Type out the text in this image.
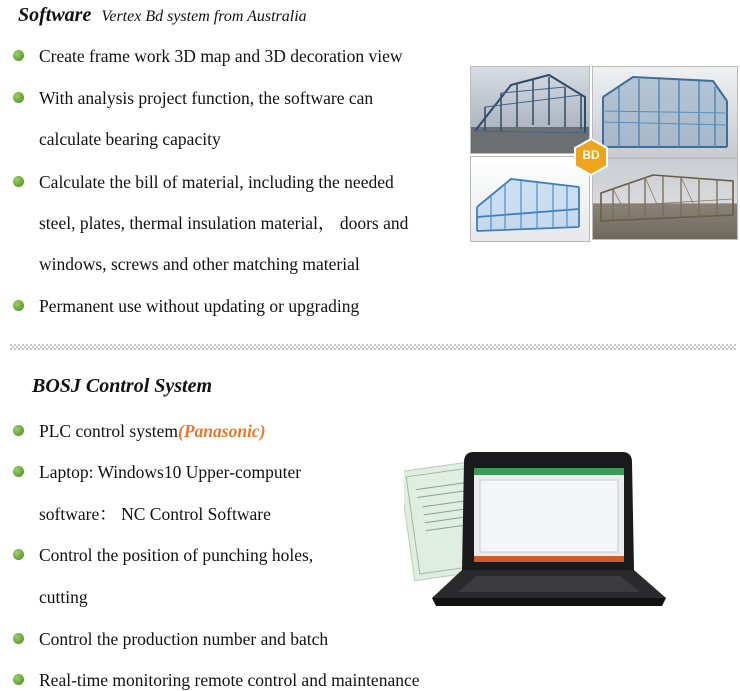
Software Vertex Bd system from Australia
Create frame work 3D map and 3D decoration view
With analysis project function, the software can
calculate bearing capacity
Calculate the bill of material, including the needed
steel, plates, thermal insulation material， doors and
windows, screws and other matching material
Permanent use without updating or upgrading
BD
BOSJ Control System
PLC control system(Panasonic)
Laptop: Windows10 Upper-computer
software： NC Control Software
Control the position of punching holes,
cutting
Control the production number and batch
Real-time monitoring remote control and maintenance
